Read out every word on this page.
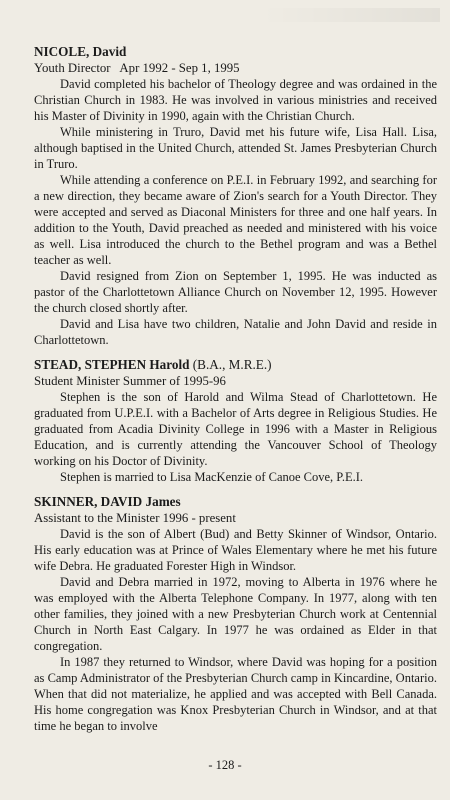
NICOLE, David

Youth Director   Apr 1992 - Sep 1, 1995

David completed his bachelor of Theology degree and was ordained in the Christian Church in 1983. He was involved in various ministries and received his Master of Divinity in 1990, again with the Christian Church.

While ministering in Truro, David met his future wife, Lisa Hall. Lisa, although baptised in the United Church, attended St. James Presbyterian Church in Truro.

While attending a conference on P.E.I. in February 1992, and searching for a new direction, they became aware of Zion's search for a Youth Director. They were accepted and served as Diaconal Ministers for three and one half years. In addition to the Youth, David preached as needed and ministered with his voice as well. Lisa introduced the church to the Bethel program and was a Bethel teacher as well.

David resigned from Zion on September 1, 1995. He was inducted as pastor of the Charlottetown Alliance Church on November 12, 1995. However the church closed shortly after.

David and Lisa have two children, Natalie and John David and reside in Charlottetown.

STEAD, STEPHEN Harold (B.A., M.R.E.)

Student Minister Summer of 1995-96

Stephen is the son of Harold and Wilma Stead of Charlottetown. He graduated from U.P.E.I. with a Bachelor of Arts degree in Religious Studies. He graduated from Acadia Divinity College in 1996 with a Master in Religious Education, and is currently attending the Vancouver School of Theology working on his Doctor of Divinity.

Stephen is married to Lisa MacKenzie of Canoe Cove, P.E.I.

SKINNER, DAVID James

Assistant to the Minister 1996 - present

David is the son of Albert (Bud) and Betty Skinner of Windsor, Ontario. His early education was at Prince of Wales Elementary where he met his future wife Debra. He graduated Forester High in Windsor.

David and Debra married in 1972, moving to Alberta in 1976 where he was employed with the Alberta Telephone Company. In 1977, along with ten other families, they joined with a new Presbyterian Church work at Centennial Church in North East Calgary. In 1977 he was ordained as Elder in that congregation.

In 1987 they returned to Windsor, where David was hoping for a position as Camp Administrator of the Presbyterian Church camp in Kincardine, Ontario. When that did not materialize, he applied and was accepted with Bell Canada. His home congregation was Knox Presbyterian Church in Windsor, and at that time he began to involve

- 128 -
